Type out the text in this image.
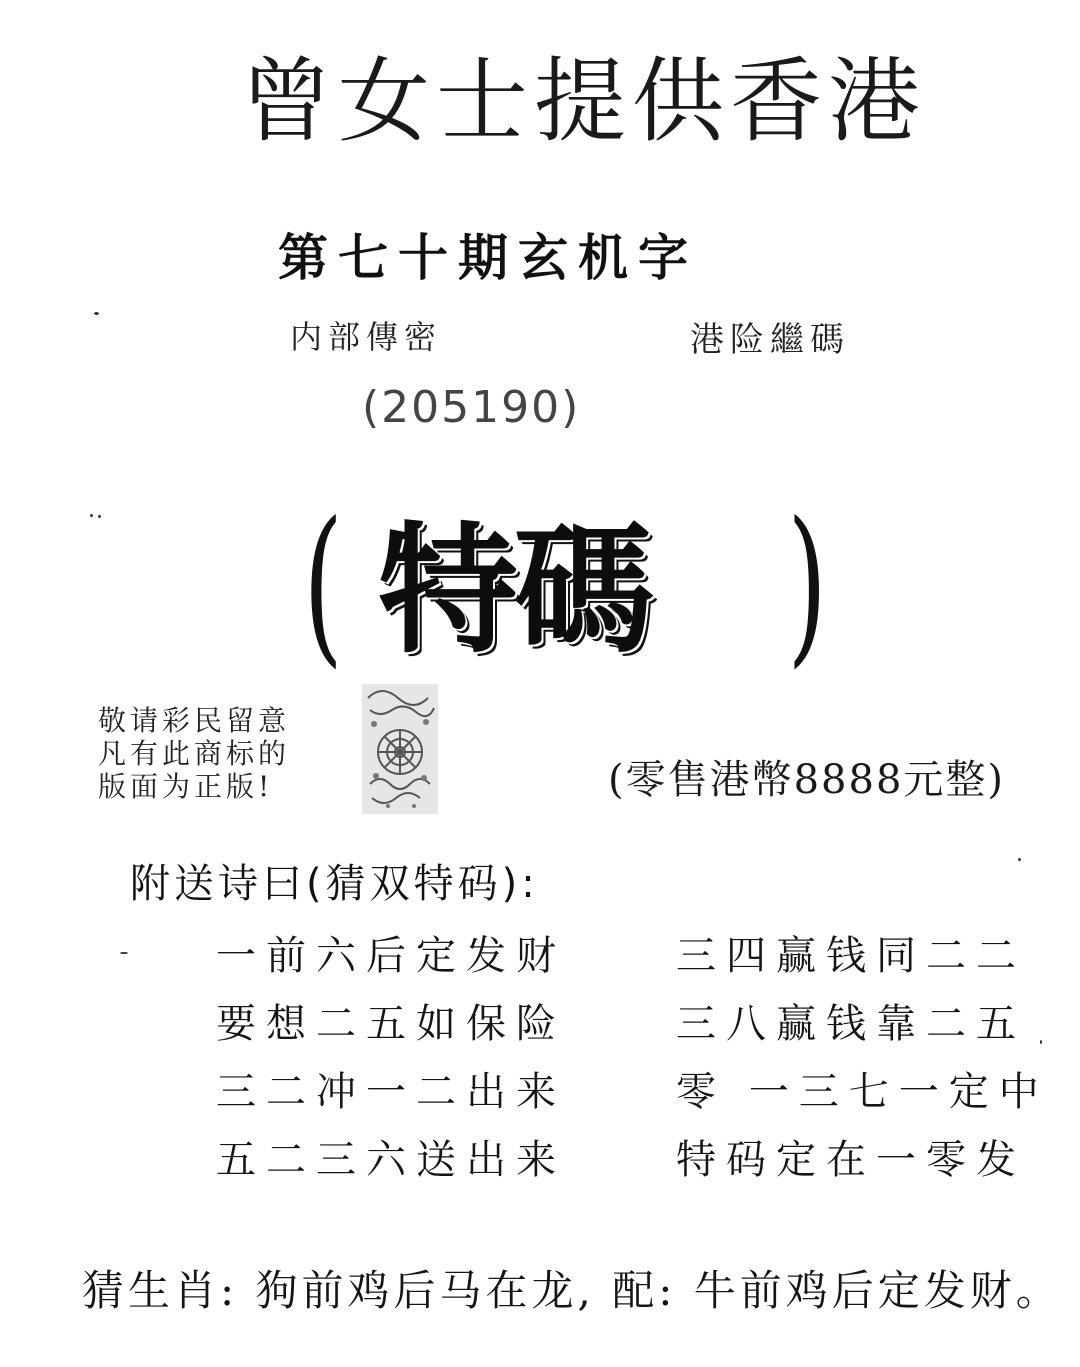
曾女士提供香港
第七十期玄机字
内部傳密	港险繼碼
(205190)
( 特碼 )
敬请彩民留意
凡有此商标的
版面为正版!	(零售港幣8888元整)
附送诗曰(猜双特码):
一前六后定发财
要想二五如保险
三二冲一二出来
五二三六送出来
三四赢钱同二二
三八赢钱靠二五
零 一三七一定中
特码定在一零发
猜生肖: 狗前鸡后马在龙, 配: 牛前鸡后定发财。
